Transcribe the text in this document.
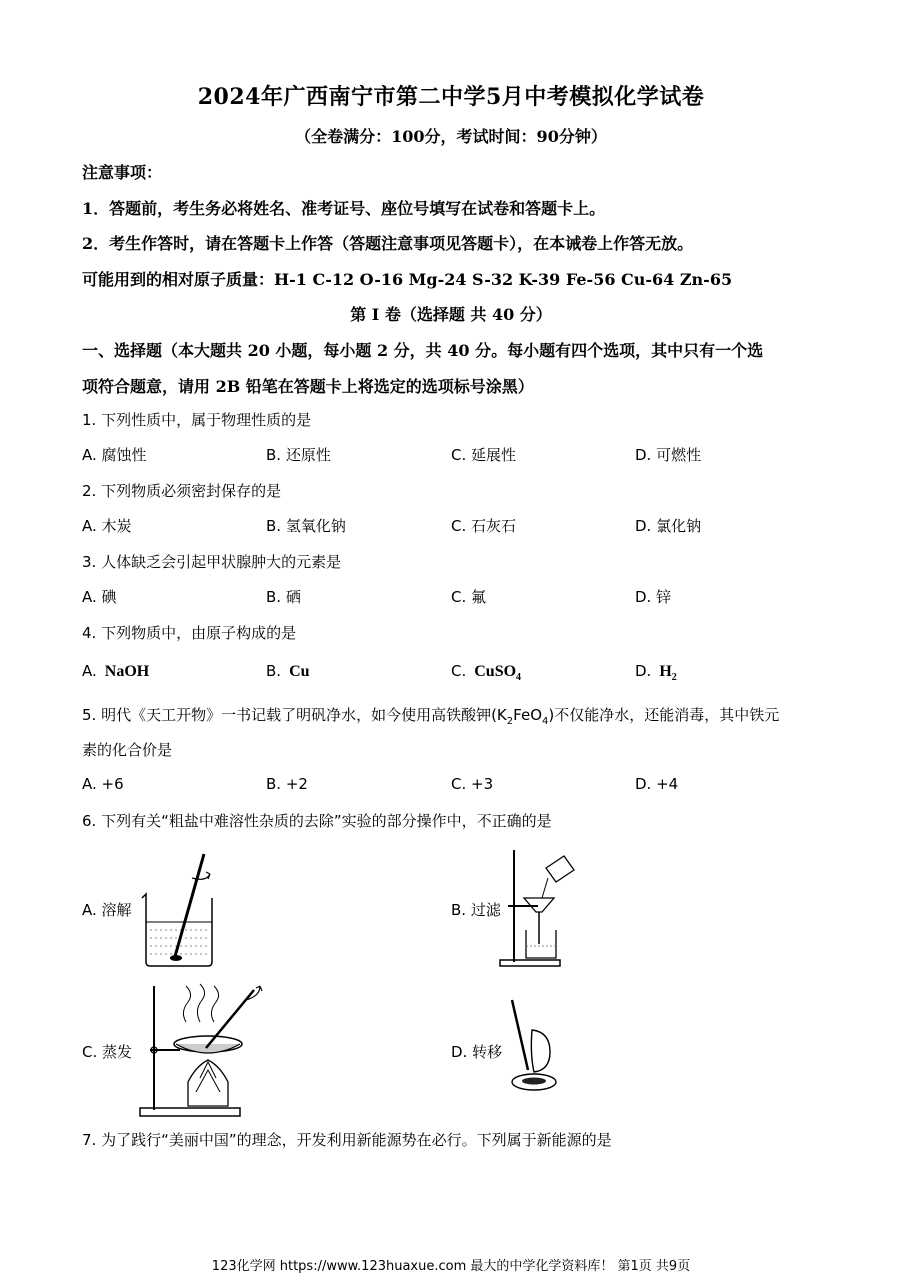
2024年广西南宁市第二中学5月中考模拟化学试卷
（全卷满分：100分，考试时间：90分钟）
注意事项：
1．答题前，考生务必将姓名、准考证号、座位号填写在试卷和答题卡上。
2．考生作答时，请在答题卡上作答（答题注意事项见答题卡），在本诫卷上作答无放。
可能用到的相对原子质量：H-1 C-12 O-16 Mg-24 S-32 K-39 Fe-56 Cu-64 Zn-65
第 I 卷（选择题 共 40 分）
一、选择题（本大题共 20 小题，每小题 2 分，共 40 分。每小题有四个选项，其中只有一个选
项符合题意，请用 2B 铅笔在答题卡上将选定的选项标号涂黑）
1. 下列性质中，属于物理性质的是
A. 腐蚀性	B. 还原性	C. 延展性	D. 可燃性
2. 下列物质必须密封保存的是
A. 木炭	B. 氢氧化钠	C. 石灰石	D. 氯化钠
3. 人体缺乏会引起甲状腺肿大的元素是
A. 碘	B. 硒	C. 氟	D. 锌
4. 下列物质中，由原子构成的是
A. NaOH	B. Cu	C. CuSO$_4$	D. $H_2$
5. 明代《天工开物》一书记载了明矾净水，如今使用高铁酸钾$(K_2FeO_4)$不仅能净水，还能消毒，其中铁元
素的化合价是
A. +6	B. +2	C. +3	D. +4
6. 下列有关“粗盐中难溶性杂质的去除”实验的部分操作中，不正确的是
A. 溶解	B. 过滤
C. 蒸发	D. 转移
7. 为了践行“美丽中国”的理念，开发利用新能源势在必行。下列属于新能源的是
123化学网 https://www.123huaxue.com 最大的中学化学资料库！ 第1页 共9页
